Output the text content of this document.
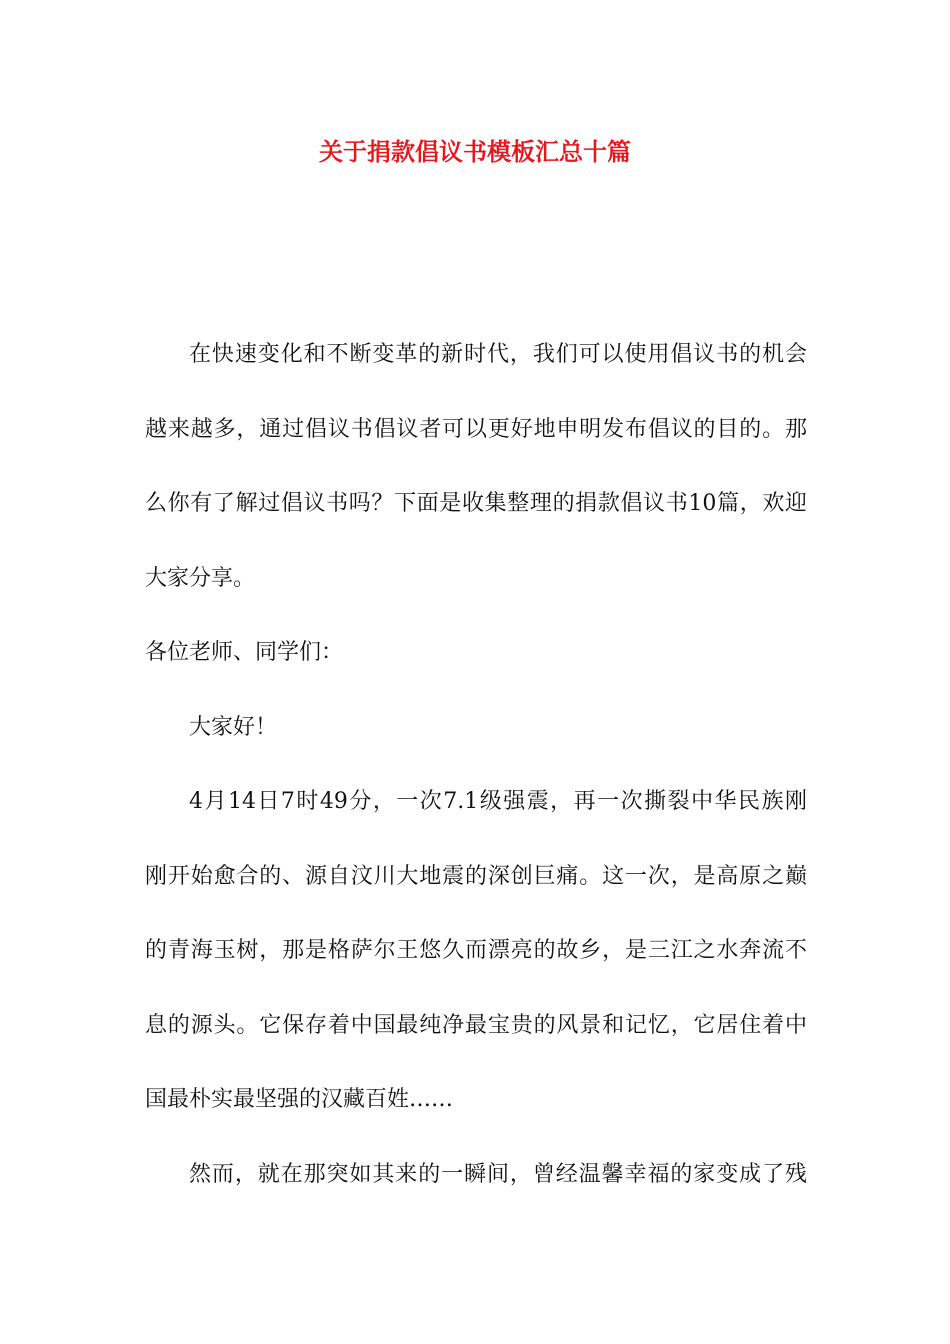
关于捐款倡议书模板汇总十篇

在快速变化和不断变革的新时代，我们可以使用倡议书的机会
越来越多，通过倡议书倡议者可以更好地申明发布倡议的目的。那
么你有了解过倡议书吗？下面是收集整理的捐款倡议书10篇，欢迎
大家分享。

各位老师、同学们：

大家好！

4月14日7时49分，一次7.1级强震，再一次撕裂中华民族刚
刚开始愈合的、源自汶川大地震的深创巨痛。这一次，是高原之巅
的青海玉树，那是格萨尔王悠久而漂亮的故乡，是三江之水奔流不
息的源头。它保存着中国最纯净最宝贵的风景和记忆，它居住着中
国最朴实最坚强的汉藏百姓……

然而，就在那突如其来的一瞬间，曾经温馨幸福的家变成了残
